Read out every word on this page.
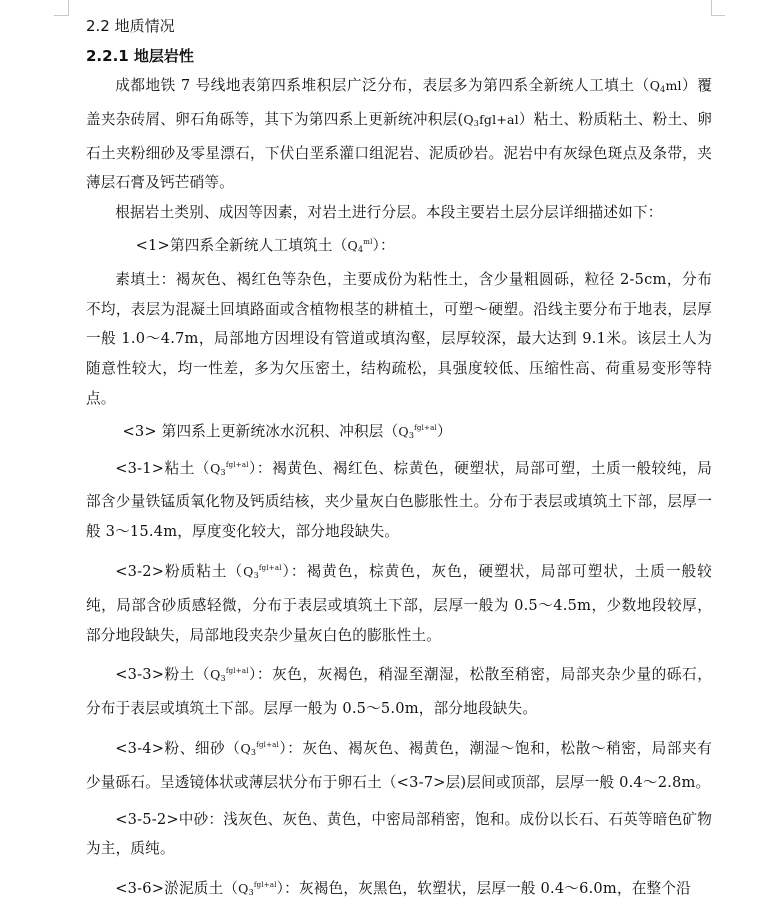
2.2 地质情况
2.2.1 地层岩性

成都地铁 7 号线地表第四系堆积层广泛分布，表层多为第四系全新统人工填土$(Q_4ml)$覆盖夹杂砖屑、卵石角砾等，其下为第四系上更新统冲积层$(Q_3fgl+al)$粘土、粉质粘土、粉土、卵石土夹粉细砂及零星漂石，下伏白垩系灌口组泥岩、泥质砂岩。泥岩中有灰绿色斑点及条带，夹薄层石膏及钙芒硝等。

根据岩土类别、成因等因素，对岩土进行分层。本段主要岩土层分层详细描述如下：

<1>第四系全新统人工填筑土$(Q_4^{ml})$：

素填土：褐灰色、褐红色等杂色，主要成份为粘性土，含少量粗圆砾，粒径 2-5cm，分布不均，表层为混凝土回填路面或含植物根茎的耕植土，可塑～硬塑。沿线主要分布于地表，层厚一般 1.0～4.7m，局部地方因埋设有管道或填沟壑，层厚较深，最大达到 9.1米。该层土人为随意性较大，均一性差，多为欠压密土，结构疏松，具强度较低、压缩性高、荷重易变形等特点。

<3> 第四系上更新统冰水沉积、冲积层$(Q_3^{fgl+al})$

<3-1>粘土$(Q_3^{fgl+al})$：褐黄色、褐红色、棕黄色，硬塑状，局部可塑，土质一般较纯，局部含少量铁锰质氧化物及钙质结核，夹少量灰白色膨胀性土。分布于表层或填筑土下部，层厚一般 3～15.4m，厚度变化较大，部分地段缺失。

<3-2>粉质粘土$(Q_3^{fgl+al})$：褐黄色，棕黄色，灰色，硬塑状，局部可塑状，土质一般较纯，局部含砂质感轻微，分布于表层或填筑土下部，层厚一般为 0.5～4.5m，少数地段较厚，部分地段缺失，局部地段夹杂少量灰白色的膨胀性土。

<3-3>粉土$(Q_3^{fgl+al})$：灰色，灰褐色，稍湿至潮湿，松散至稍密，局部夹杂少量的砾石，分布于表层或填筑土下部。层厚一般为 0.5～5.0m，部分地段缺失。

<3-4>粉、细砂$(Q_3^{fgl+al})$：灰色、褐灰色、褐黄色，潮湿～饱和，松散～稍密，局部夹有少量砾石。呈透镜体状或薄层状分布于卵石土（<3-7>层)层间或顶部，层厚一般 0.4～2.8m。

<3-5-2>中砂：浅灰色、灰色、黄色，中密局部稍密，饱和。成份以长石、石英等暗色矿物为主，质纯。

<3-6>淤泥质土$(Q_3^{fgl+al})$：灰褐色，灰黑色，软塑状，层厚一般 0.4～6.0m，在整个沿
